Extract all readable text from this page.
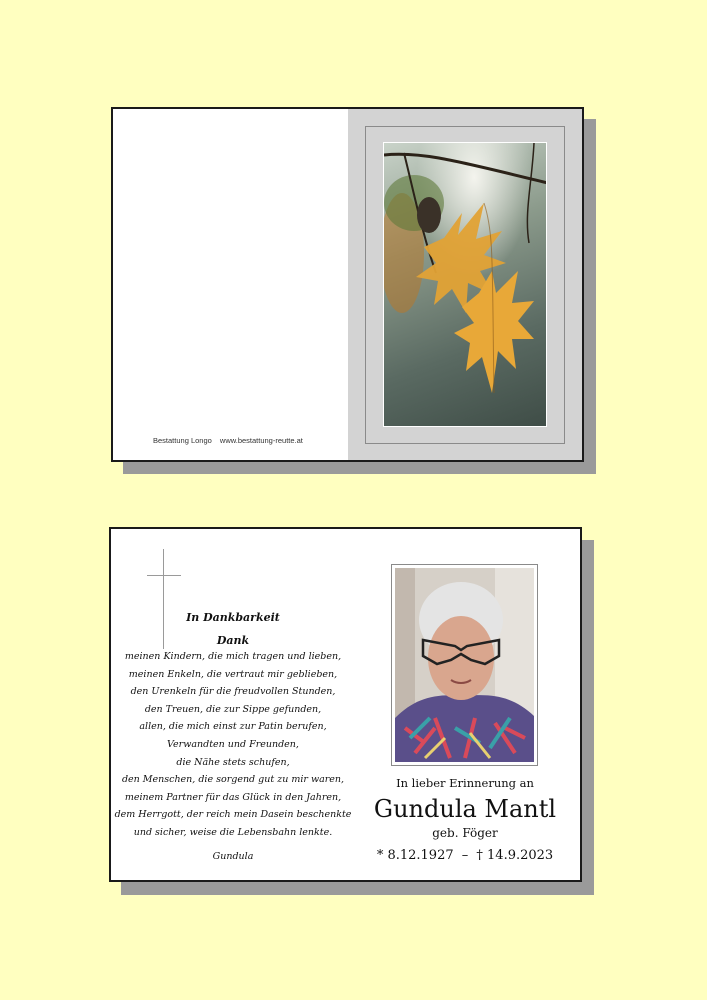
Bestattung Longo www.bestattung-reutte.at
In Dankbarkeit
Dank
meinen Kindern, die mich tragen und lieben,
meinen Enkeln, die vertraut mir geblieben,
den Urenkeln für die freudvollen Stunden,
den Treuen, die zur Sippe gefunden,
allen, die mich einst zur Patin berufen,
Verwandten und Freunden,
die Nähe stets schufen,
den Menschen, die sorgend gut zu mir waren,
meinem Partner für das Glück in den Jahren,
dem Herrgott, der reich mein Dasein beschenkte
und sicher, weise die Lebensbahn lenkte.
Gundula
In lieber Erinnerung an
Gundula Mantl
geb. Föger
* 8.12.1927 – † 14.9.2023
